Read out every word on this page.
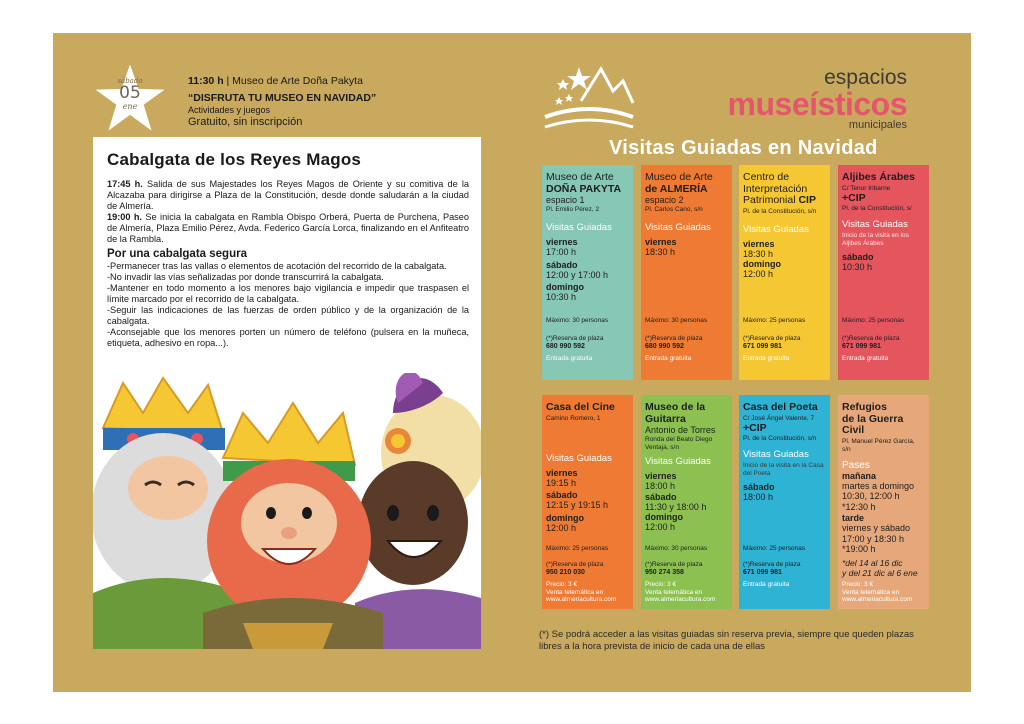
sábado
05
ene
11:30 h | Museo de Arte Doña Pakyta
“DISFRUTA TU MUSEO EN NAVIDAD”
Actividades y juegos
Gratuito, sin inscripción
Cabalgata de los Reyes Magos

17:45 h. Salida de sus Majestades los Reyes Magos de Oriente y su comitiva de la Alcazaba para dirigirse a Plaza de la Constitución, desde donde saludarán a la ciudad de Almería.

19:00 h. Se inicia la cabalgata en Rambla Obispo Orberá, Puerta de Purchena, Paseo de Almería, Plaza Emilio Pérez, Avda. Federico García Lorca, finalizando en el Anfiteatro de la Rambla.

Por una cabalgata segura

-Permanecer tras las vallas o elementos de acotación del recorrido de la cabalgata.

-No invadir las vías señalizadas por donde transcurrirá la cabalgata.

-Mantener en todo momento a los menores bajo vigilancia e impedir que traspasen el límite marcado por el recorrido de la cabalgata.

-Seguir las indicaciones de las fuerzas de orden público y de la organización de la cabalgata.

-Aconsejable que los menores porten un número de teléfono (pulsera en la muñeca, etiqueta, adhesivo en ropa...).

espacios
museísticos
municipales
Visitas Guiadas en Navidad
Museo de Arte
DOÑA PAKYTA
espacio 1
Pl. Emilio Pérez, 2
Visitas Guiadas
viernes
17:00 h
sábado
12:00 y 17:00 h
domingo
10:30 h
Máximo: 30 personas
(*)Reserva de plaza
680 990 592
Entrada gratuita
Museo de Arte
de ALMERÍA
espacio 2
Pl. Carlos Cano, s/n
Visitas Guiadas
viernes
18:30 h
Máximo: 30 personas
(*)Reserva de plaza
680 990 592
Entrada gratuita
Centro de
Interpretación
Patrimonial CIP
Pl. de la Constitución, s/n
Visitas Guiadas
viernes
18:30 h
domingo
12:00 h
Máximo: 25 personas
(*)Reserva de plaza
671 099 981
Entrada gratuita
Aljibes Árabes
C/ Tenor Iribarne
+CIP
Pl. de la Constitución, s/
Visitas Guiadas
Inicio de la visita en los Aljibes Árabes
sábado
10:30 h
Máximo: 25 personas
(*)Reserva de plaza
671 099 981
Entrada gratuita
Casa del Cine
Camino Romero, 1
Visitas Guiadas
viernes
19:15 h
sábado
12:15 y 19:15 h
domingo
12:00 h
Máximo: 25 personas
(*)Reserva de plaza
950 210 030
Precio: 3 €
Venta telemática en
www.almeriacultura.com
Museo de la
Guitarra
Antonio de Torres
Ronda del Beato Diego Ventaja, s/n
Visitas Guiadas
viernes
18:00 h
sábado
11:30 y 18:00 h
domingo
12:00 h
Máximo: 30 personas
(*)Reserva de plaza
950 274 358
Precio: 3 €
Venta telemática en
www.almeriacultura.com
Casa del Poeta
C/ José Ángel Valente, 7
+CIP
Pl. de la Constitución, s/n
Visitas Guiadas
Inicio de la visita en la Casa del Poeta
sábado
18:00 h
Máximo: 25 personas
(*)Reserva de plaza
671 099 981
Entrada gratuita
Refugios
de la Guerra Civil
Pl. Manuel Pérez García, s/n
Pases
mañana
martes a domingo
10:30, 12:00 h
*12:30 h
tarde
viernes y sábado
17:00 y 18:30 h
*19:00 h
*del 14 al 16 dic
y del 21 dic al 6 ene
Precio: 3 €
Venta telemática en
www.almeriacultura.com
(*) Se podrá acceder a las visitas guiadas sin reserva previa, siempre que queden plazas libres a la hora prevista de inicio de cada una de ellas
